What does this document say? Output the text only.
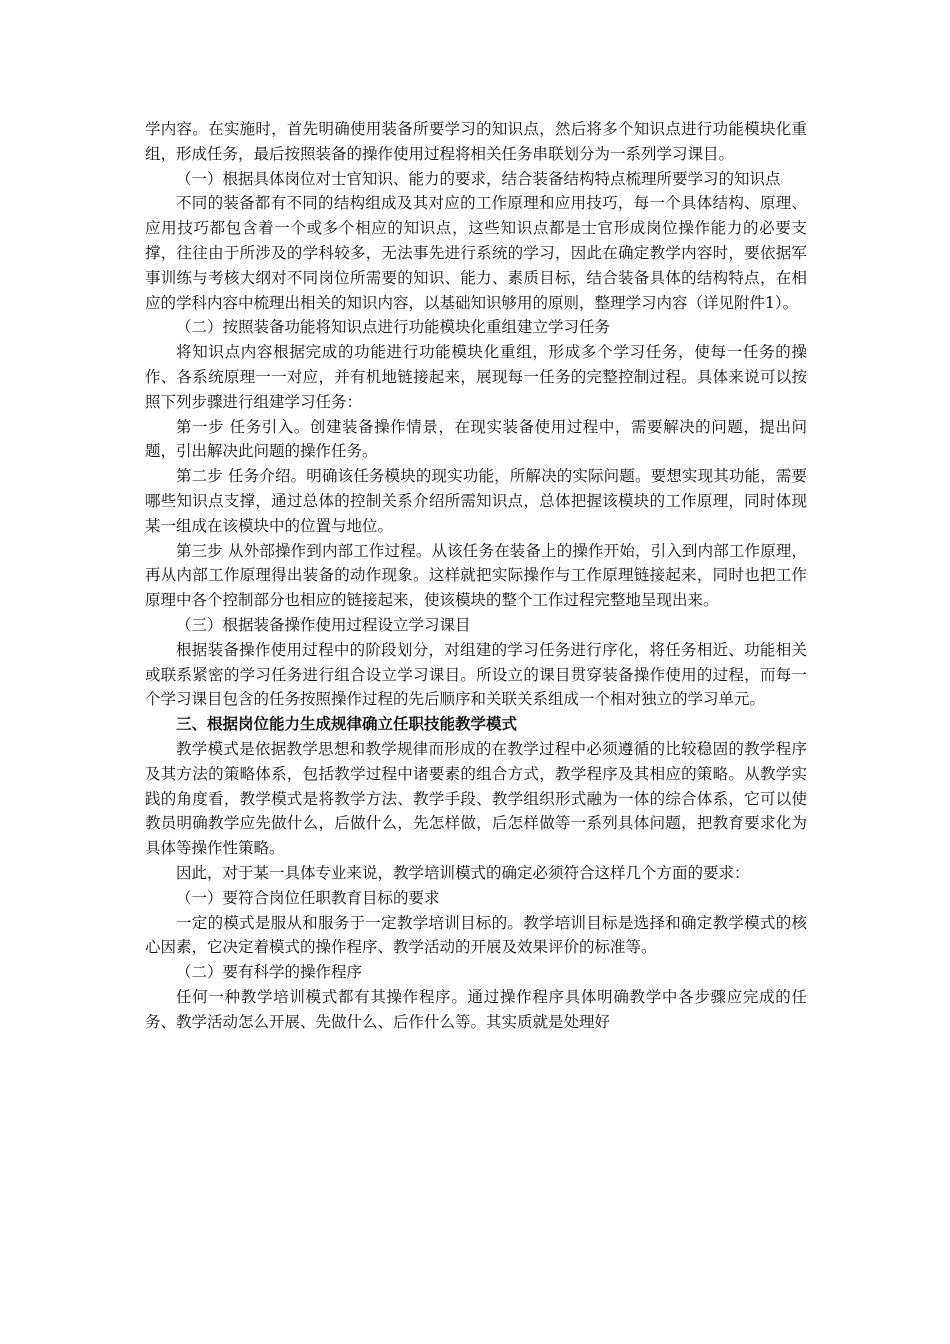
学内容。在实施时，首先明确使用装备所要学习的知识点，然后将多个知识点进行功能模块化重组，形成任务，最后按照装备的操作使用过程将相关任务串联划分为一系列学习课目。

（一）根据具体岗位对士官知识、能力的要求，结合装备结构特点梳理所要学习的知识点

不同的装备都有不同的结构组成及其对应的工作原理和应用技巧，每一个具体结构、原理、应用技巧都包含着一个或多个相应的知识点，这些知识点都是士官形成岗位操作能力的必要支撑，往往由于所涉及的学科较多，无法事先进行系统的学习，因此在确定教学内容时，要依据军事训练与考核大纲对不同岗位所需要的知识、能力、素质目标，结合装备具体的结构特点，在相应的学科内容中梳理出相关的知识内容，以基础知识够用的原则，整理学习内容（详见附件1）。

（二）按照装备功能将知识点进行功能模块化重组建立学习任务

将知识点内容根据完成的功能进行功能模块化重组，形成多个学习任务，使每一任务的操作、各系统原理一一对应，并有机地链接起来，展现每一任务的完整控制过程。具体来说可以按照下列步骤进行组建学习任务：

第一步 任务引入。创建装备操作情景，在现实装备使用过程中，需要解决的问题，提出问题，引出解决此问题的操作任务。

第二步 任务介绍。明确该任务模块的现实功能，所解决的实际问题。要想实现其功能，需要哪些知识点支撑，通过总体的控制关系介绍所需知识点，总体把握该模块的工作原理，同时体现某一组成在该模块中的位置与地位。

第三步 从外部操作到内部工作过程。从该任务在装备上的操作开始，引入到内部工作原理，再从内部工作原理得出装备的动作现象。这样就把实际操作与工作原理链接起来，同时也把工作原理中各个控制部分也相应的链接起来，使该模块的整个工作过程完整地呈现出来。

（三）根据装备操作使用过程设立学习课目

根据装备操作使用过程中的阶段划分，对组建的学习任务进行序化，将任务相近、功能相关或联系紧密的学习任务进行组合设立学习课目。所设立的课目贯穿装备操作使用的过程，而每一个学习课目包含的任务按照操作过程的先后顺序和关联关系组成一个相对独立的学习单元。

三、根据岗位能力生成规律确立任职技能教学模式

教学模式是依据教学思想和教学规律而形成的在教学过程中必须遵循的比较稳固的教学程序及其方法的策略体系，包括教学过程中诸要素的组合方式，教学程序及其相应的策略。从教学实践的角度看，教学模式是将教学方法、教学手段、教学组织形式融为一体的综合体系，它可以使教员明确教学应先做什么，后做什么，先怎样做，后怎样做等一系列具体问题，把教育要求化为具体等操作性策略。

因此，对于某一具体专业来说，教学培训模式的确定必须符合这样几个方面的要求：

（一）要符合岗位任职教育目标的要求

一定的模式是服从和服务于一定教学培训目标的。教学培训目标是选择和确定教学模式的核心因素，它决定着模式的操作程序、教学活动的开展及效果评价的标准等。

（二）要有科学的操作程序

任何一种教学培训模式都有其操作程序。通过操作程序具体明确教学中各步骤应完成的任务、教学活动怎么开展、先做什么、后作什么等。其实质就是处理好
